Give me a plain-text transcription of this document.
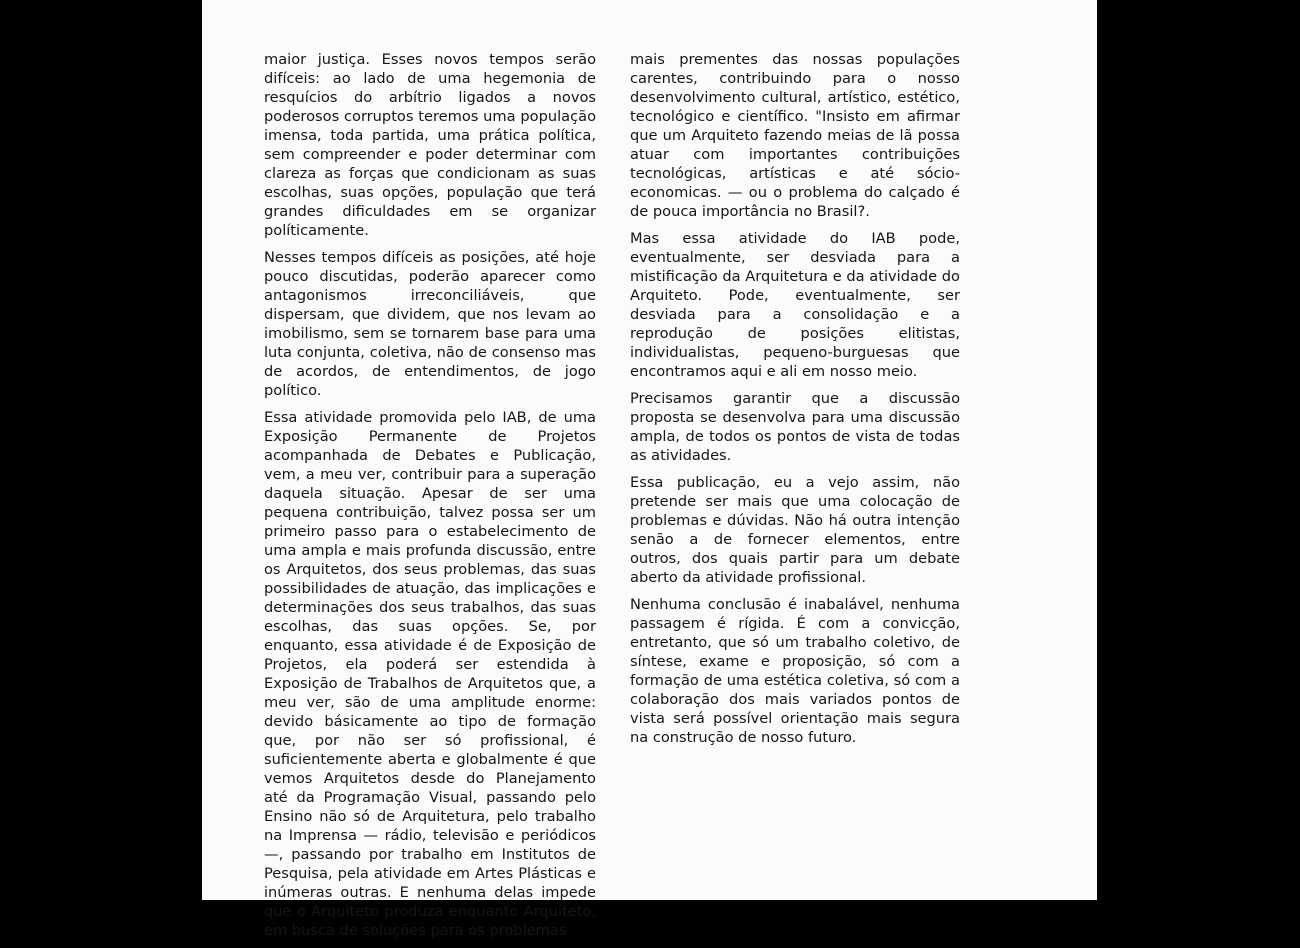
maior justiça. Esses novos tempos serão difíceis: ao lado de uma hegemonia de resquícios do arbítrio ligados a novos poderosos corruptos teremos uma população imensa, toda partida, uma prática política, sem compreender e poder determinar com clareza as forças que condicionam as suas escolhas, suas opções, população que terá grandes dificuldades em se organizar políticamente.

Nesses tempos difíceis as posições, até hoje pouco discutidas, poderão aparecer como antagonismos irreconciliáveis, que dispersam, que dividem, que nos levam ao imobilismo, sem se tornarem base para uma luta conjunta, coletiva, não de consenso mas de acordos, de entendimentos, de jogo político.

Essa atividade promovida pelo IAB, de uma Exposição Permanente de Projetos acompanhada de Debates e Publicação, vem, a meu ver, contribuir para a superação daquela situação. Apesar de ser uma pequena contribuição, talvez possa ser um primeiro passo para o estabelecimento de uma ampla e mais profunda discussão, entre os Arquitetos, dos seus problemas, das suas possibilidades de atuação, das implicações e determinações dos seus trabalhos, das suas escolhas, das suas opções. Se, por enquanto, essa atividade é de Exposição de Projetos, ela poderá ser estendida à Exposição de Trabalhos de Arquitetos que, a meu ver, são de uma amplitude enorme: devido básicamente ao tipo de formação que, por não ser só profissional, é suficientemente aberta e globalmente é que vemos Arquitetos desde do Planejamento até da Programação Visual, passando pelo Ensino não só de Arquitetura, pelo trabalho na Imprensa — rádio, televisão e periódicos —, passando por trabalho em Institutos de Pesquisa, pela atividade em Artes Plásticas e inúmeras outras. E nenhuma delas impede que o Arquiteto produza enquanto Arquiteto, em busca de soluções para os problemas

mais prementes das nossas populações carentes, contribuindo para o nosso desenvolvimento cultural, artístico, estético, tecnológico e científico. "Insisto em afirmar que um Arquiteto fazendo meias de lã possa atuar com importantes contribuições tecnológicas, artísticas e até sócio-economicas. — ou o problema do calçado é de pouca importância no Brasil?.

Mas essa atividade do IAB pode, eventualmente, ser desviada para a mistificação da Arquitetura e da atividade do Arquiteto. Pode, eventualmente, ser desviada para a consolidação e a reprodução de posições elitistas, individualistas, pequeno-burguesas que encontramos aqui e ali em nosso meio.

Precisamos garantir que a discussão proposta se desenvolva para uma discussão ampla, de todos os pontos de vista de todas as atividades.

Essa publicação, eu a vejo assim, não pretende ser mais que uma colocação de problemas e dúvidas. Não há outra intenção senão a de fornecer elementos, entre outros, dos quais partir para um debate aberto da atividade profissional.

Nenhuma conclusão é inabalável, nenhuma passagem é rígida. É com a convicção, entretanto, que só um trabalho coletivo, de síntese, exame e proposição, só com a formação de uma estética coletiva, só com a colaboração dos mais variados pontos de vista será possível orientação mais segura na construção de nosso futuro.
